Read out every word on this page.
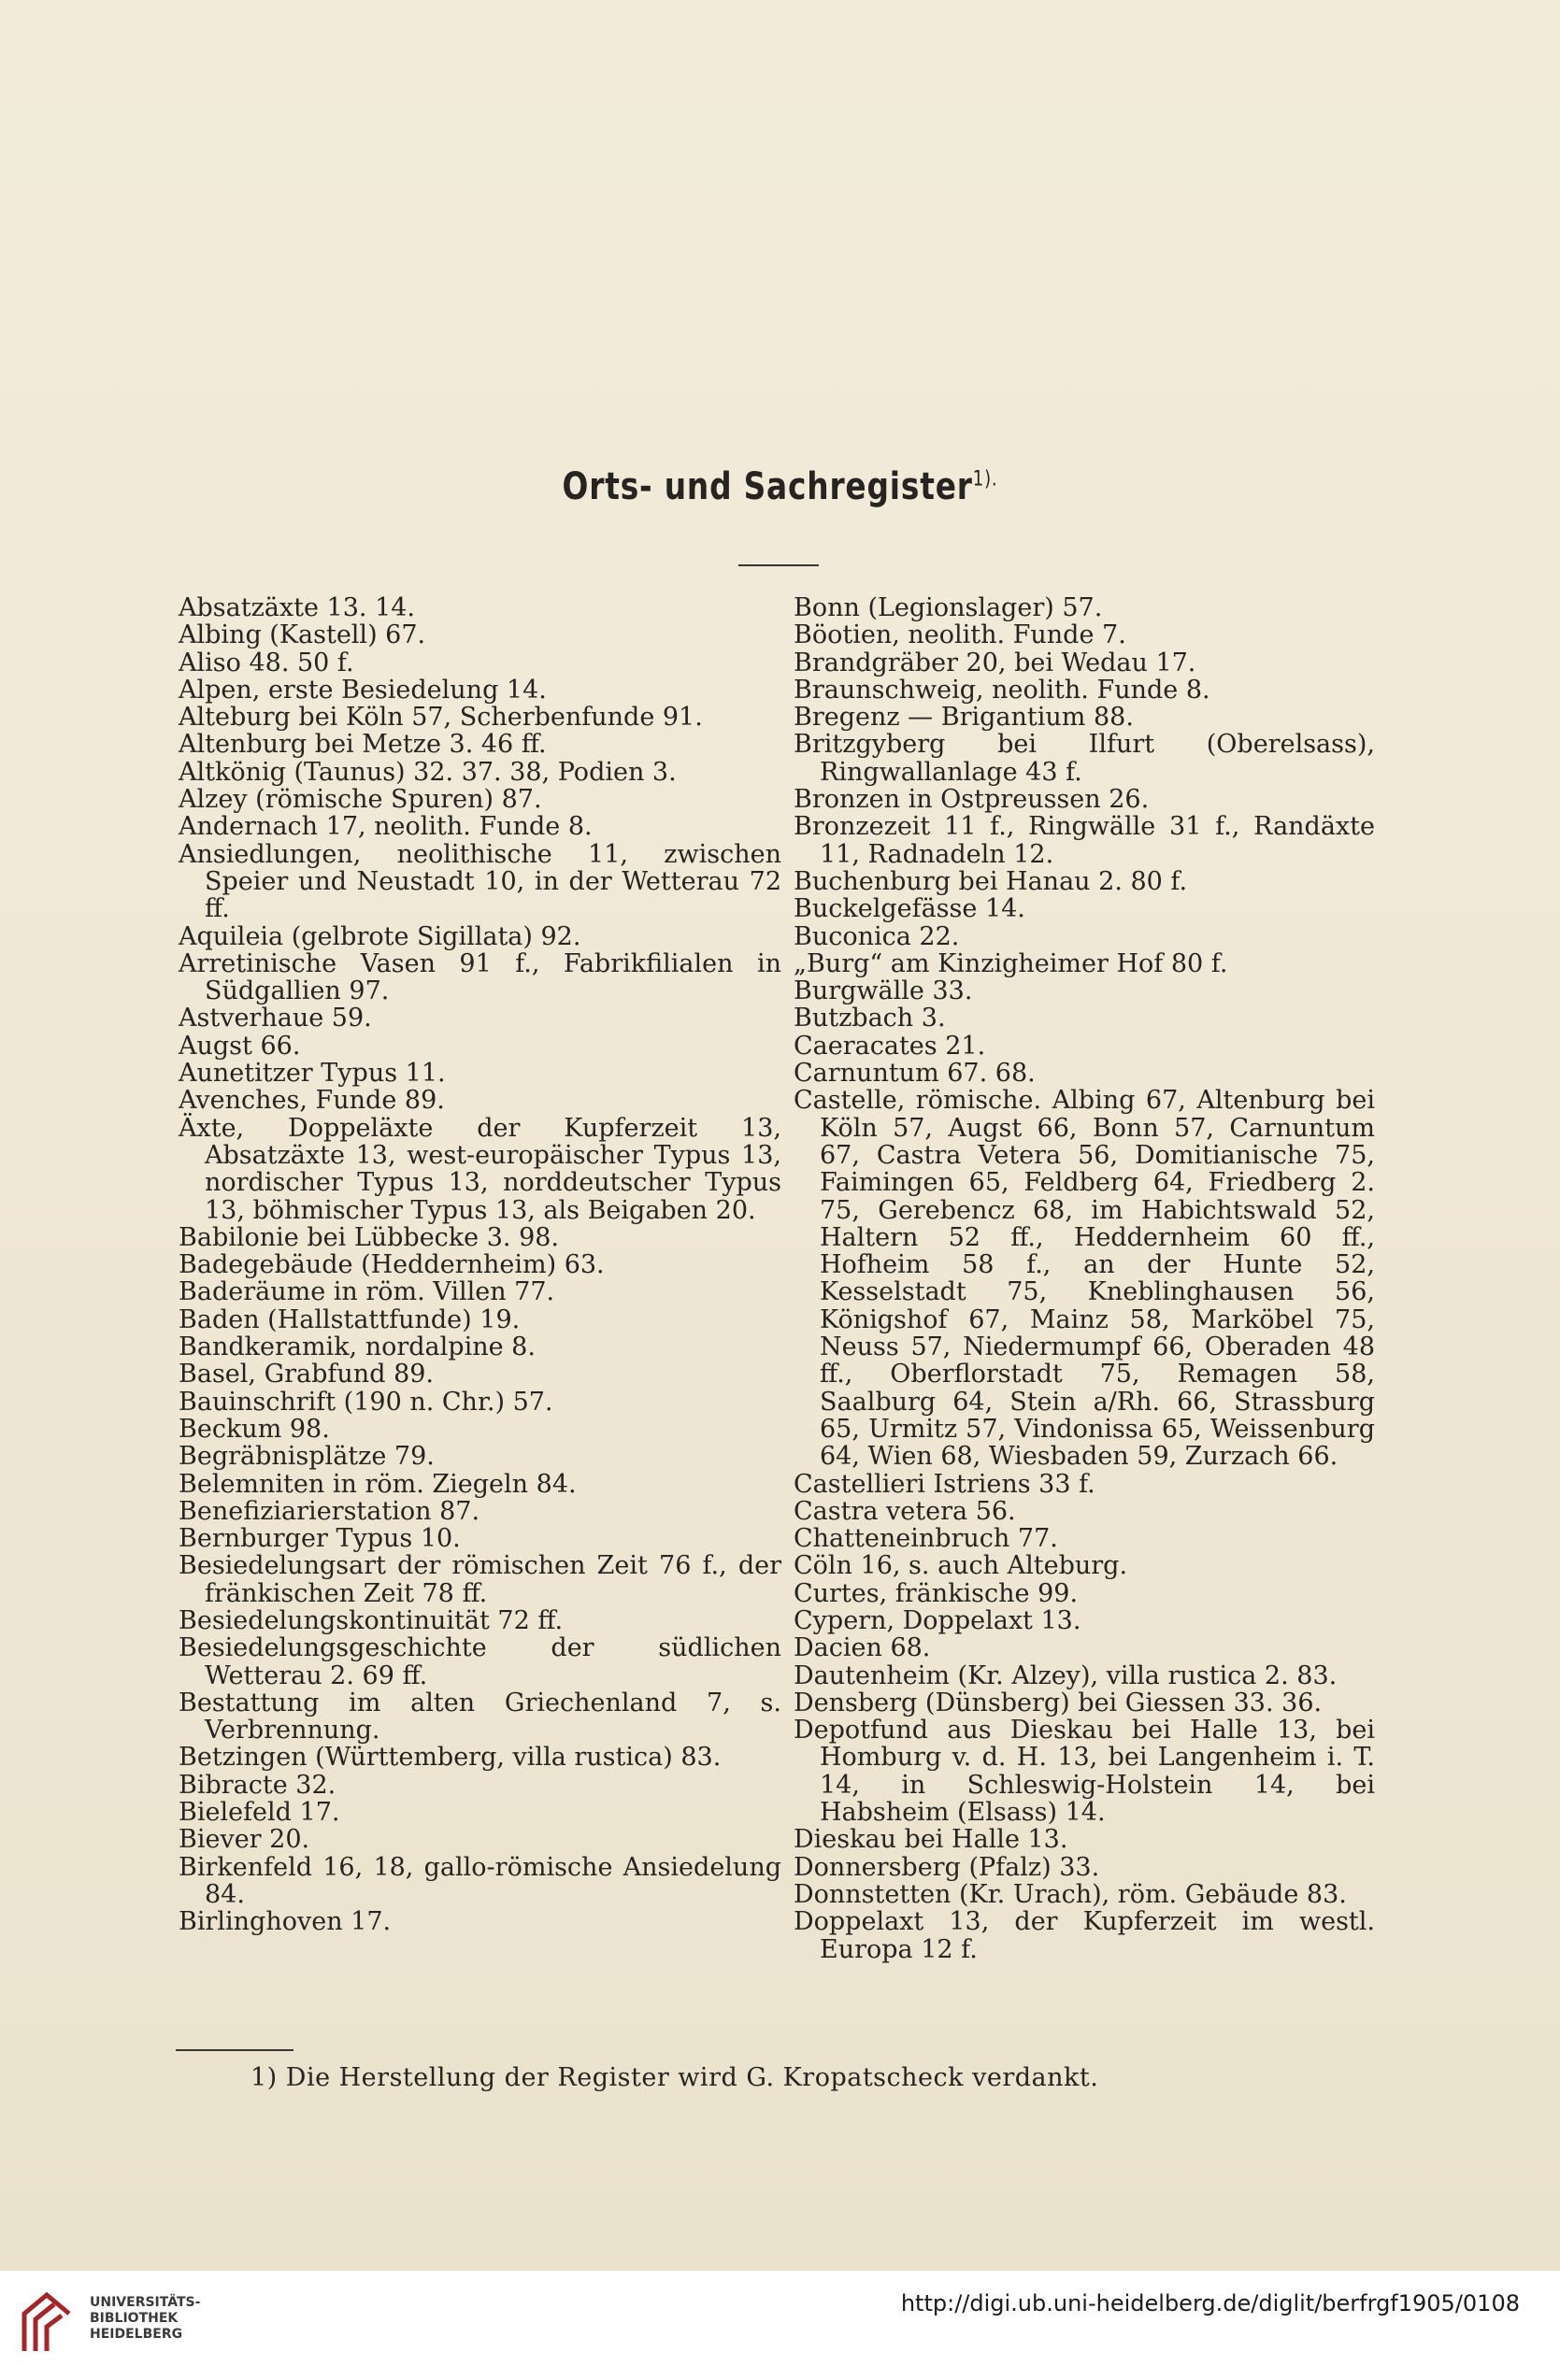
Orts- und Sachregister$^{1).}$
Absatzäxte 13. 14.
Albing (Kastell) 67.
Aliso 48. 50 f.
Alpen, erste Besiedelung 14.
Alteburg bei Köln 57, Scherbenfunde 91.
Altenburg bei Metze 3. 46 ff.
Altkönig (Taunus) 32. 37. 38, Podien 3.
Alzey (römische Spuren) 87.
Andernach 17, neolith. Funde 8.
Ansiedlungen, neolithische 11, zwischen Speier und Neustadt 10, in der Wetterau 72 ff.
Aquileia (gelbrote Sigillata) 92.
Arretinische Vasen 91 f., Fabrikfilialen in Südgallien 97.
Astverhaue 59.
Augst 66.
Aunetitzer Typus 11.
Avenches, Funde 89.
Äxte, Doppeläxte der Kupferzeit 13, Absatzäxte 13, west-europäischer Typus 13, nordischer Typus 13, norddeutscher Typus 13, böhmischer Typus 13, als Beigaben 20.
Babilonie bei Lübbecke 3. 98.
Badegebäude (Heddernheim) 63.
Baderäume in röm. Villen 77.
Baden (Hallstattfunde) 19.
Bandkeramik, nordalpine 8.
Basel, Grabfund 89.
Bauinschrift (190 n. Chr.) 57.
Beckum 98.
Begräbnisplätze 79.
Belemniten in röm. Ziegeln 84.
Benefiziarierstation 87.
Bernburger Typus 10.
Besiedelungsart der römischen Zeit 76 f., der fränkischen Zeit 78 ff.
Besiedelungskontinuität 72 ff.
Besiedelungsgeschichte der südlichen Wetterau 2. 69 ff.
Bestattung im alten Griechenland 7, s. Verbrennung.
Betzingen (Württemberg, villa rustica) 83.
Bibracte 32.
Bielefeld 17.
Biever 20.
Birkenfeld 16, 18, gallo-römische Ansiedelung 84.
Birlinghoven 17.
Bonn (Legionslager) 57.
Böotien, neolith. Funde 7.
Brandgräber 20, bei Wedau 17.
Braunschweig, neolith. Funde 8.
Bregenz — Brigantium 88.
Britzgyberg bei Ilfurt (Oberelsass), Ringwallanlage 43 f.
Bronzen in Ostpreussen 26.
Bronzezeit 11 f., Ringwälle 31 f., Randäxte 11, Radnadeln 12.
Buchenburg bei Hanau 2. 80 f.
Buckelgefässe 14.
Buconica 22.
„Burg“ am Kinzigheimer Hof 80 f.
Burgwälle 33.
Butzbach 3.
Caeracates 21.
Carnuntum 67. 68.
Castelle, römische. Albing 67, Altenburg bei Köln 57, Augst 66, Bonn 57, Carnuntum 67, Castra Vetera 56, Domitianische 75, Faimingen 65, Feldberg 64, Friedberg 2. 75, Gerebencz 68, im Habichtswald 52, Haltern 52 ff., Heddernheim 60 ff., Hofheim 58 f., an der Hunte 52, Kesselstadt 75, Kneblinghausen 56, Königshof 67, Mainz 58, Marköbel 75, Neuss 57, Niedermumpf 66, Oberaden 48 ff., Oberflorstadt 75, Remagen 58, Saalburg 64, Stein a/Rh. 66, Strassburg 65, Urmitz 57, Vindonissa 65, Weissenburg 64, Wien 68, Wiesbaden 59, Zurzach 66.
Castellieri Istriens 33 f.
Castra vetera 56.
Chatteneinbruch 77.
Cöln 16, s. auch Alteburg.
Curtes, fränkische 99.
Cypern, Doppelaxt 13.
Dacien 68.
Dautenheim (Kr. Alzey), villa rustica 2. 83.
Densberg (Dünsberg) bei Giessen 33. 36.
Depotfund aus Dieskau bei Halle 13, bei Homburg v. d. H. 13, bei Langenheim i. T. 14, in Schleswig-Holstein 14, bei Habsheim (Elsass) 14.
Dieskau bei Halle 13.
Donnersberg (Pfalz) 33.
Donnstetten (Kr. Urach), röm. Gebäude 83.
Doppelaxt 13, der Kupferzeit im westl. Europa 12 f.
1) Die Herstellung der Register wird G. Kropatscheck verdankt.
UNIVERSITÄTS-
BIBLIOTHEK
HEIDELBERG
http://digi.ub.uni-heidelberg.de/diglit/berfrgf1905/0108
